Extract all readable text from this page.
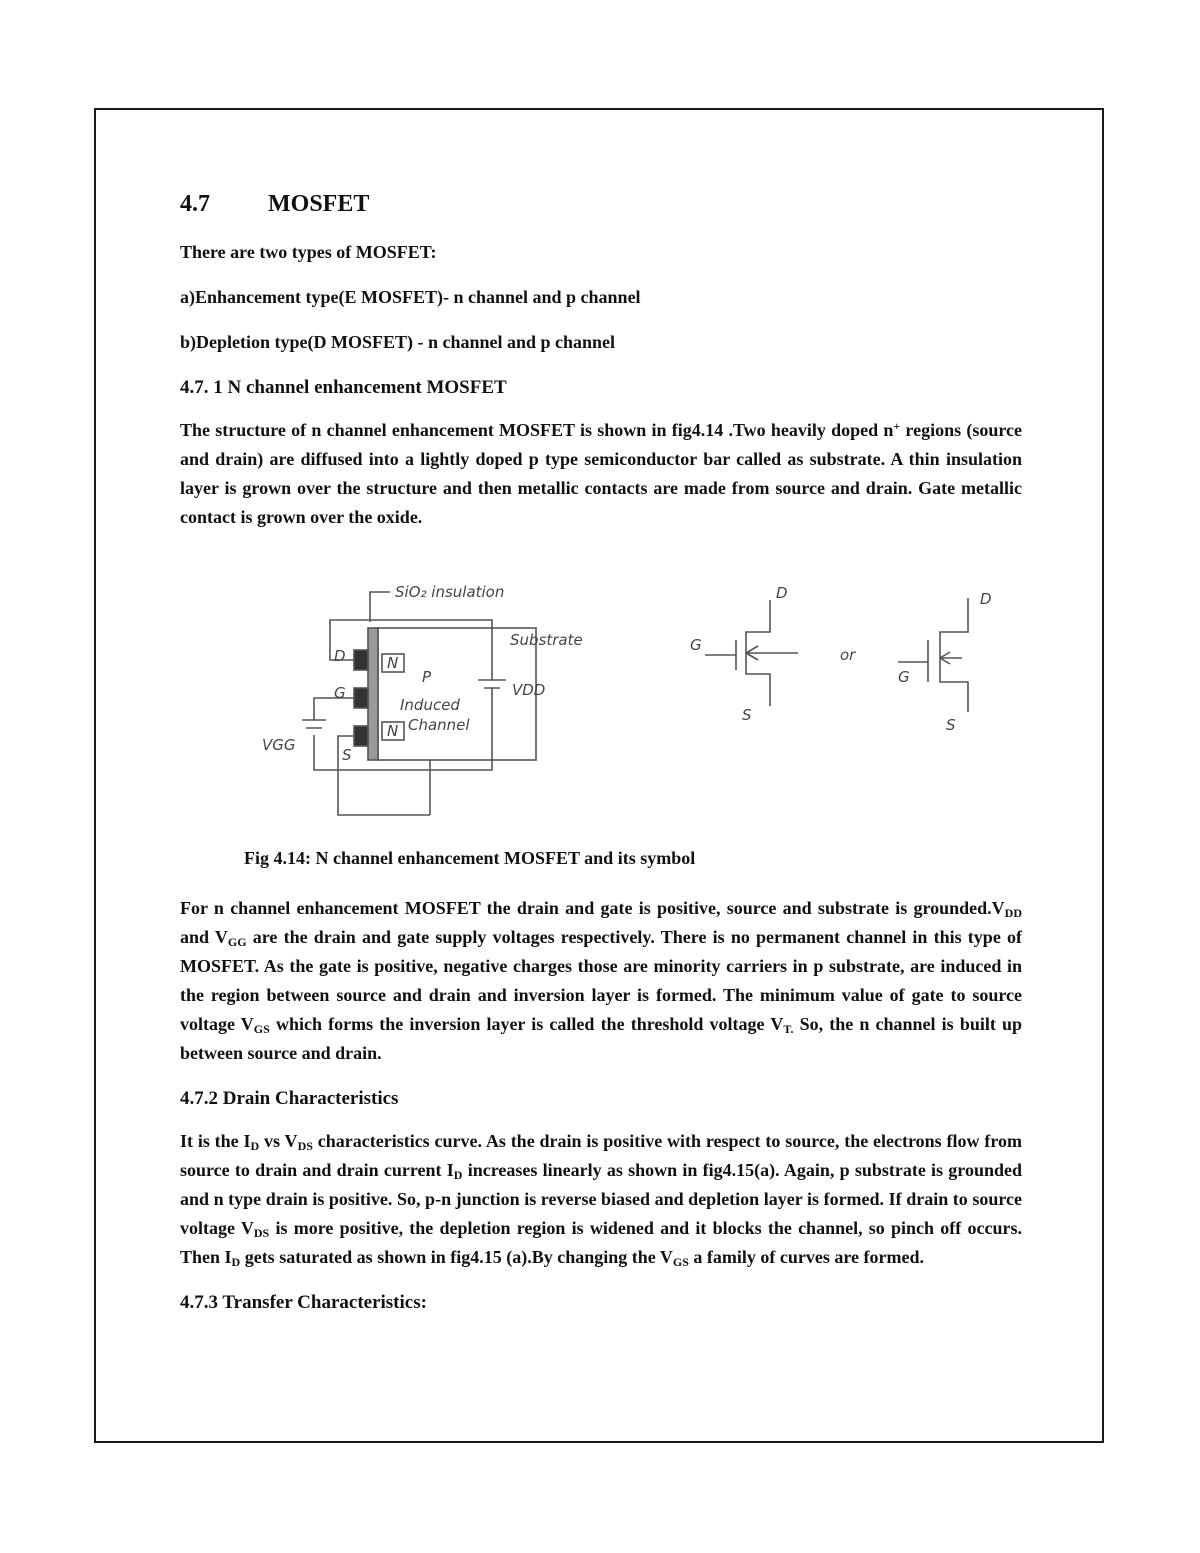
4.7 MOSFET

There are two types of MOSFET:

a)Enhancement type(E MOSFET)- n channel and p channel

b)Depletion type(D MOSFET) - n channel and p channel

4.7. 1 N channel enhancement MOSFET

The structure of n channel enhancement MOSFET is shown in fig4.14 .Two heavily doped n+ regions (source and drain) are diffused into a lightly doped p type semiconductor bar called as substrate. A thin insulation layer is grown over the structure and then metallic contacts are made from source and drain. Gate metallic contact is grown over the oxide.

N
N
P
Induced
Channel
SiO₂ insulation
Substrate
D
G
S
VDD
VGG
D
G
S
or
D
G
S

Fig 4.14: N channel enhancement MOSFET and its symbol

For n channel enhancement MOSFET the drain and gate is positive, source and substrate is $grounded.V_{DD}$ and $V_{GG}$ are the drain and gate supply voltages respectively. There is no permanent channel in this type of MOSFET. As the gate is positive, negative charges those are minority carriers in p substrate, are induced in the region between source and drain and inversion layer is formed. The minimum value of gate to source voltage $V_{GS}$ which forms the inversion layer is called the threshold voltage $V_{T.}$ So, the n channel is built up between source and drain.

4.7.2 Drain Characteristics

It is the $I_D$ vs $V_{DS}$ characteristics curve. As the drain is positive with respect to source, the electrons flow from source to drain and drain current $I_D$ increases linearly as shown in fig4.15(a). Again, p substrate is grounded and n type drain is positive. So, p-n junction is reverse biased and depletion layer is formed. If drain to source voltage $V_{DS}$ is more positive, the depletion region is widened and it blocks the channel, so pinch off occurs. Then $I_D$ gets saturated as shown in fig4.15 (a).By changing the $V_{GS}$ a family of curves are formed.

4.7.3 Transfer Characteristics:
